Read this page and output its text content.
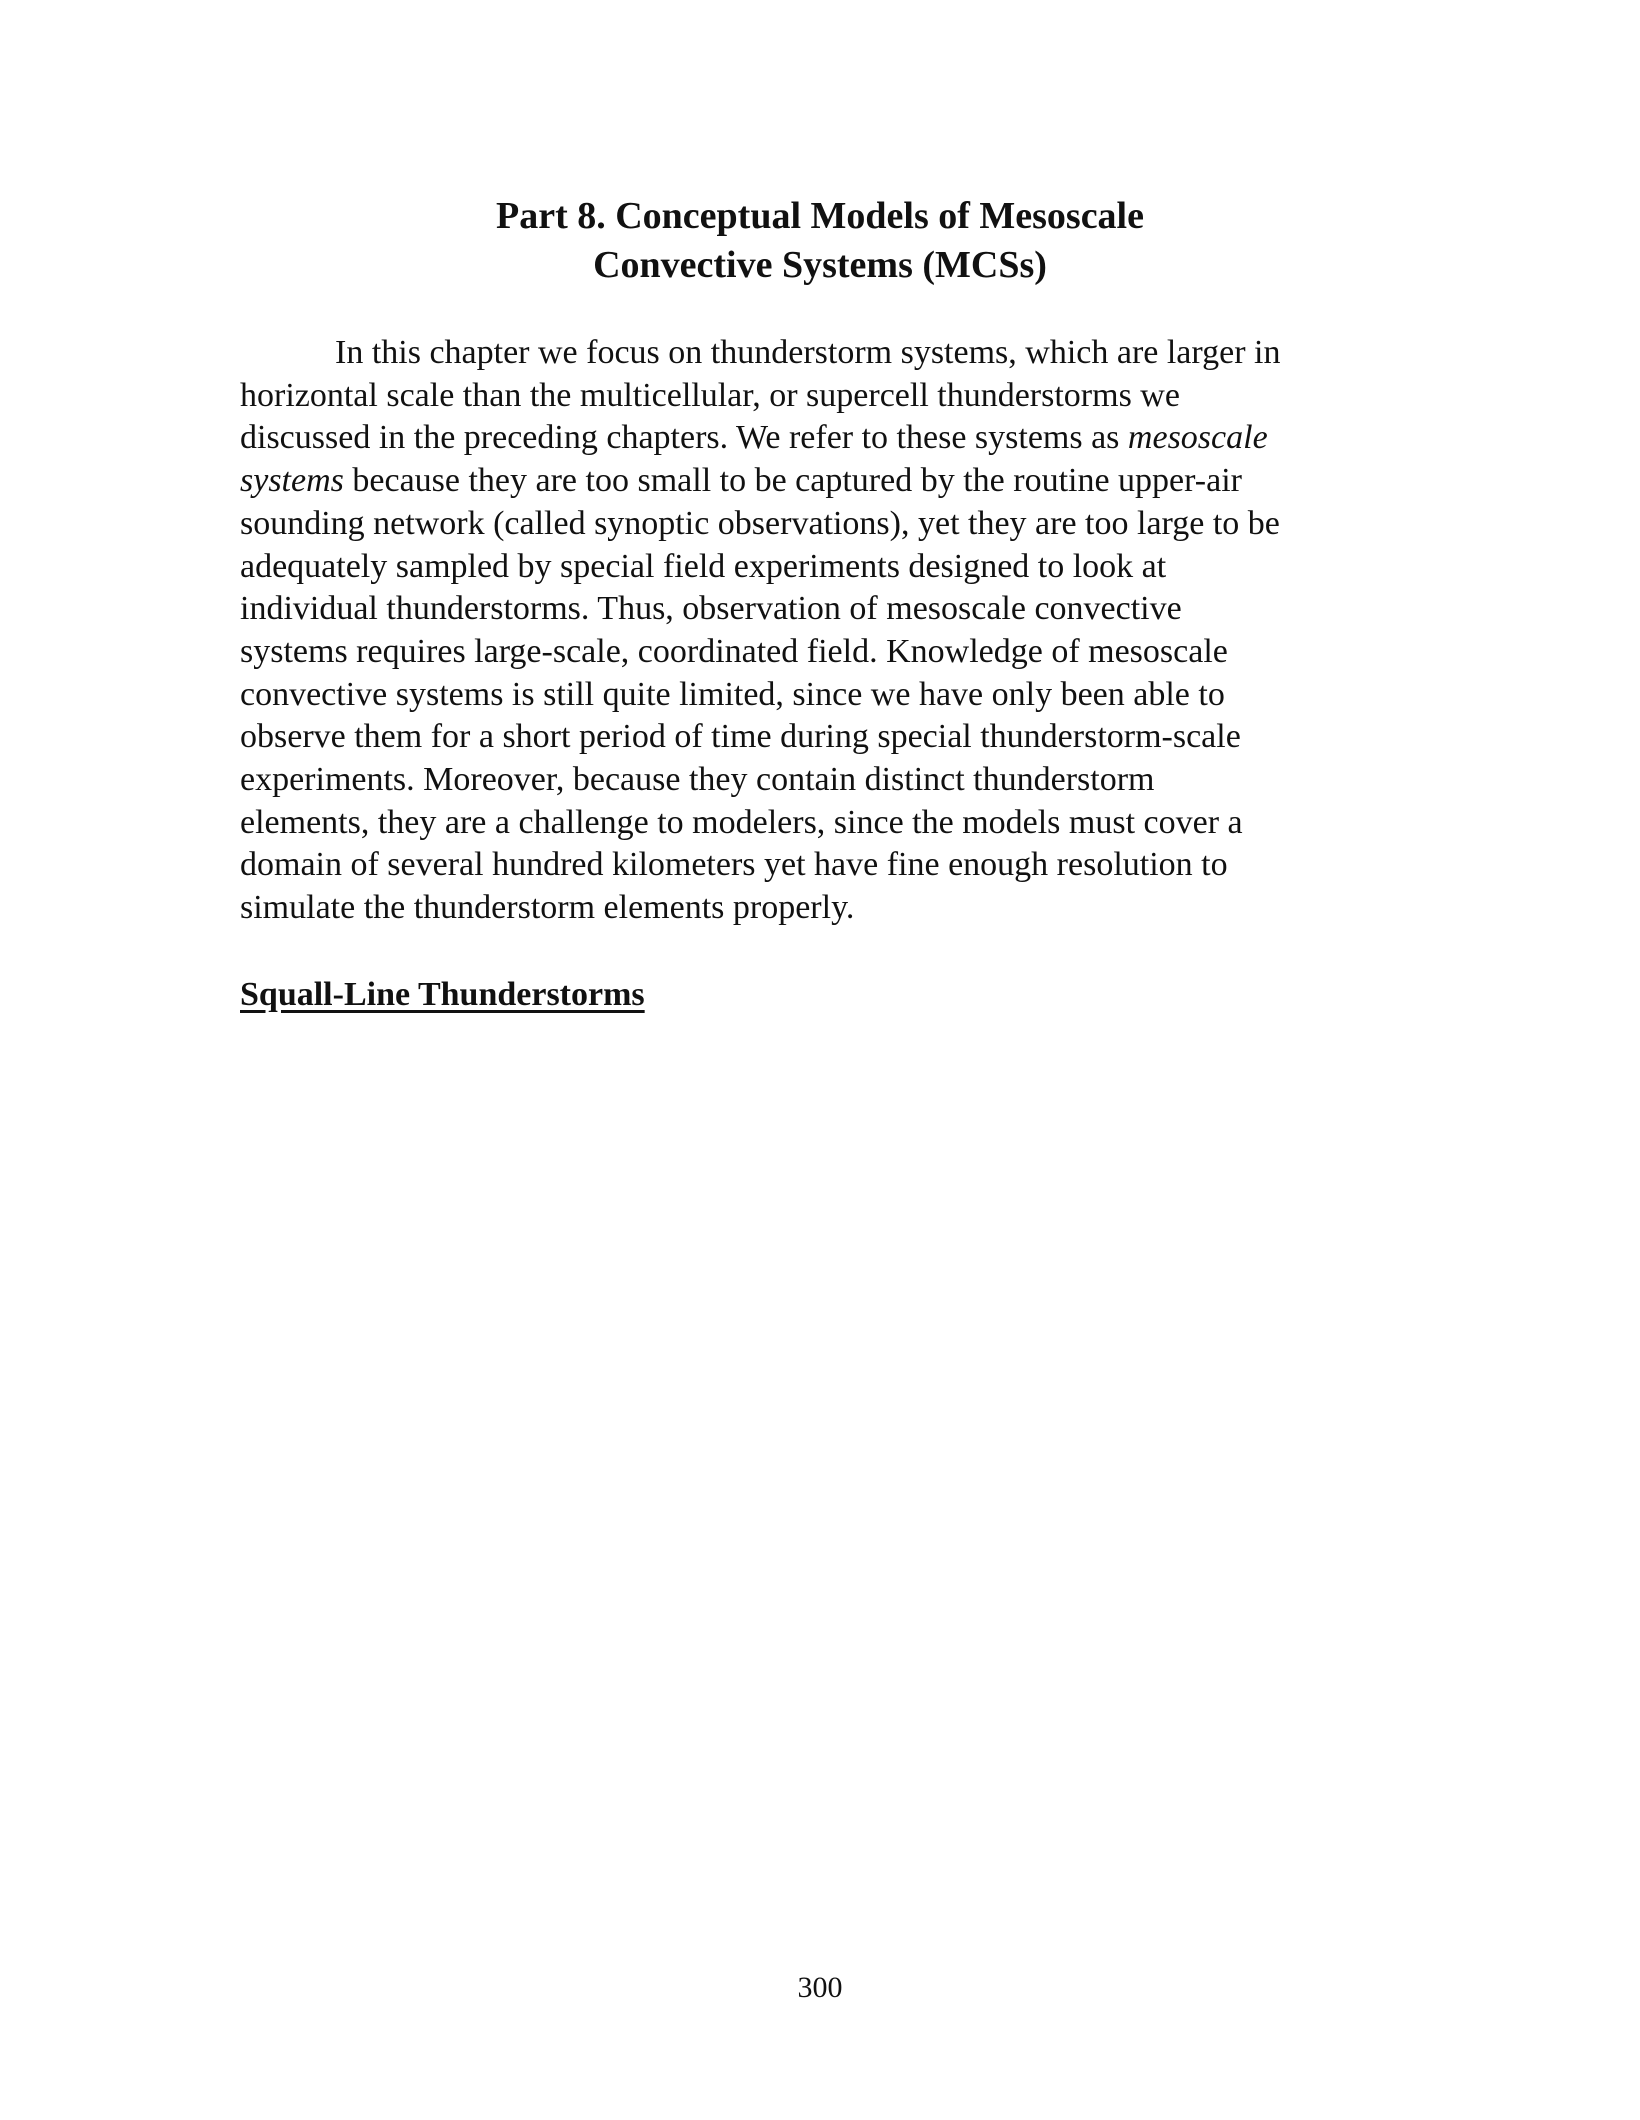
Part 8. Conceptual Models of Mesoscale
Convective Systems (MCSs)

In this chapter we focus on thunderstorm systems, which are larger in
horizontal scale than the multicellular, or supercell thunderstorms we
discussed in the preceding chapters. We refer to these systems as mesoscale
systems because they are too small to be captured by the routine upper-air
sounding network (called synoptic observations), yet they are too large to be
adequately sampled by special field experiments designed to look at
individual thunderstorms. Thus, observation of mesoscale convective
systems requires large-scale, coordinated field. Knowledge of mesoscale
convective systems is still quite limited, since we have only been able to
observe them for a short period of time during special thunderstorm-scale
experiments. Moreover, because they contain distinct thunderstorm
elements, they are a challenge to modelers, since the models must cover a
domain of several hundred kilometers yet have fine enough resolution to
simulate the thunderstorm elements properly.

Squall-Line Thunderstorms
300
